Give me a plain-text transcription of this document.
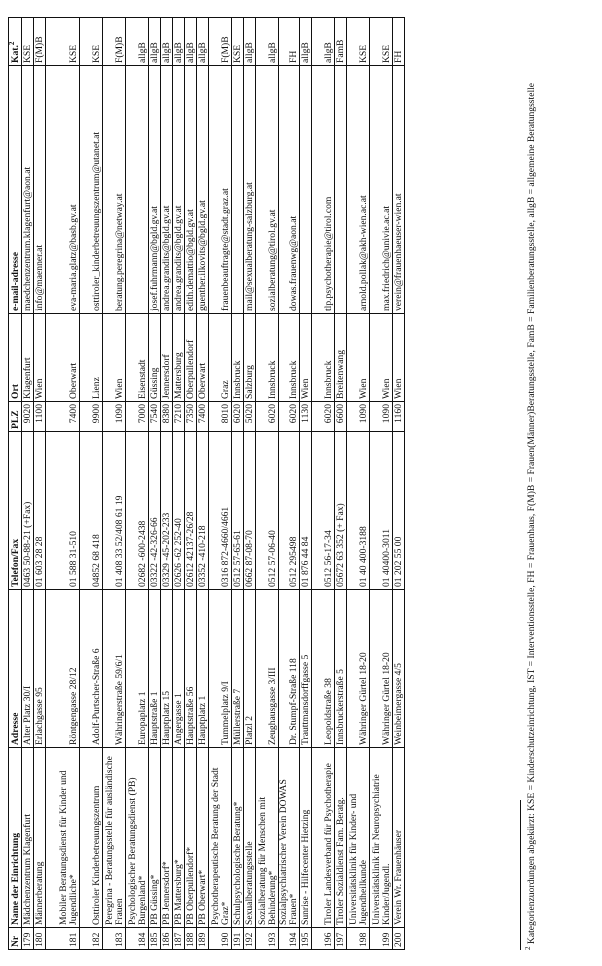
Nr	Name der Einrichtung	Adresse	Telefon/Fax	PLZ	Ort	e-mail-adresse	Kat.$^2$
179	Mädchenzentrum Klagenfurt	Alter Platz 30/I	0463 50-88-21 (+Fax)	9020	Klagenfurt	maedchenzentrum.klagenfurt@aon.at	KSE
180	Männerberatung	Erlachgasse 95	01 603 28 28	1100	Wien	info@maenner.at	F(M)B
181	Mobiler Beratungsdienst für Kinder und Jugendliche*	Röntgengasse 28/12	01 588 31-510	7400	Oberwart	eva-maria.glatz@basb.gv.at	KSE
182	Osttiroler Kinderbetreuungszentrum	Adolf-Purtscher-Straße 6	04852 68 418	9900	Lienz	osttiroler_kinderbetreuungszentrum@utanet.at	KSE
183	Peregrina - Beratungsstelle für ausländische Frauen	Währingerstraße 59/6/1	01 408 33 52/408 61 19	1090	Wien	beratung.peregrina@netway.at	F(M)B
184	Psychologischer Beratungsdienst (PB) Burgenland*	Europaplatz 1	02682 -600-2438	7000	Eisenstadt		allgB
185	PB Güssing*	Hauptstraße 1	03322 -42-326-66	7540	Güssing	josef.fuhrmann@bgld.gv.at	allgB
186	PB Jennersdorf*	Hauptplatz 15	03329 -45-202-233	8380	Jennersdorf	andrea.grandits@bgld.gv.at	allgB
187	PB Mattersburg*	Angergasse 1	02626 -62 252-40	7210	Mattersburg	andrea.grandits@bgld.gv.at	allgB
188	PB Oberpullendorf*	Hauptstraße 56	02612 42137-26/28	7350	Oberpullendorf	edith.demattio@bgld.gv.at	allgB
189	PB Oberwart*	Hauptplatz 1	03352 -410-218	7400	Oberwart	guenther.ilkovits@bgld.gv.at	allgB
190	Psychotherapeutische Beratung der Stadt Graz*	Tummelplatz 9/I	0316 872-4660/4661	8010	Graz	frauenbeauftragte@stadt.graz.at	F(M)B
191	Schulpsychologische Beratung*	Müllerstraße 7	0512 57-65-61	6020	Innsbruck		KSE
192	Sexualberatungsstelle	Platzl 2	0662 87-08-70	5020	Salzburg	mail@sexualberatung-salzburg.at	allgB
193	Sozialberatung für Menschen mit Behinderung*	Zeughausgasse 3/III	0512 57-06-40	6020	Innsbruck	sozialberatung@tirol.gv.at	allgB
194	Sozialpsychiatrischer Verein DOWAS Frauen*	Dr. Stumpf-Straße 118	0512 295498	6020	Innsbruck	dowas.frauenwg@aon.at	FH
195	Sunrise - Hilfecenter Hietzing	Trauttmansdorffgasse 5	01 876 44 84	1130	Wien		allgB
196	Tiroler Landesverband für Psychotherapie	Leopoldstraße 38	0512 56-17-34	6020	Innsbruck	tlp.psychotherapie@tirol.com	allgB
197	Tiroler Sozialdienst Fam. Beratg.	Innsbruckerstraße 5	05672 63 352 (+ Fax)	6600	Breitenwang		FamB
198	Universitätsklinik für Kinder- und Jugendheilkunde	Währinger Gürtel 18-20	01 40 400-3188	1090	Wien	arnold.pollak@akh-wien.ac.at	KSE
199	Universitätsklinik für Neuropsychiatrie Kinder/Jugendl.	Währinger Gürtel 18-20	01 40400-3011	1090	Wien	max.friedrich@univie.ac.at	KSE
200	Verein Wr. Frauenhäuser	Weinbeimergasse 4/5	01 202 55 00	1160	Wien	verein@frauenhaeuser-wien.at	FH
$^2$ Kategorienzuordungen abgekürzt: KSE = Kinderschutzeinrichtung, IST = Interventionsstelle, FH = Frauenhaus, F(M)B = Frauen(Männer)Beratungsstelle, FamB = Familienberatungsstelle, allgB = allgemeine Beratungsstelle
